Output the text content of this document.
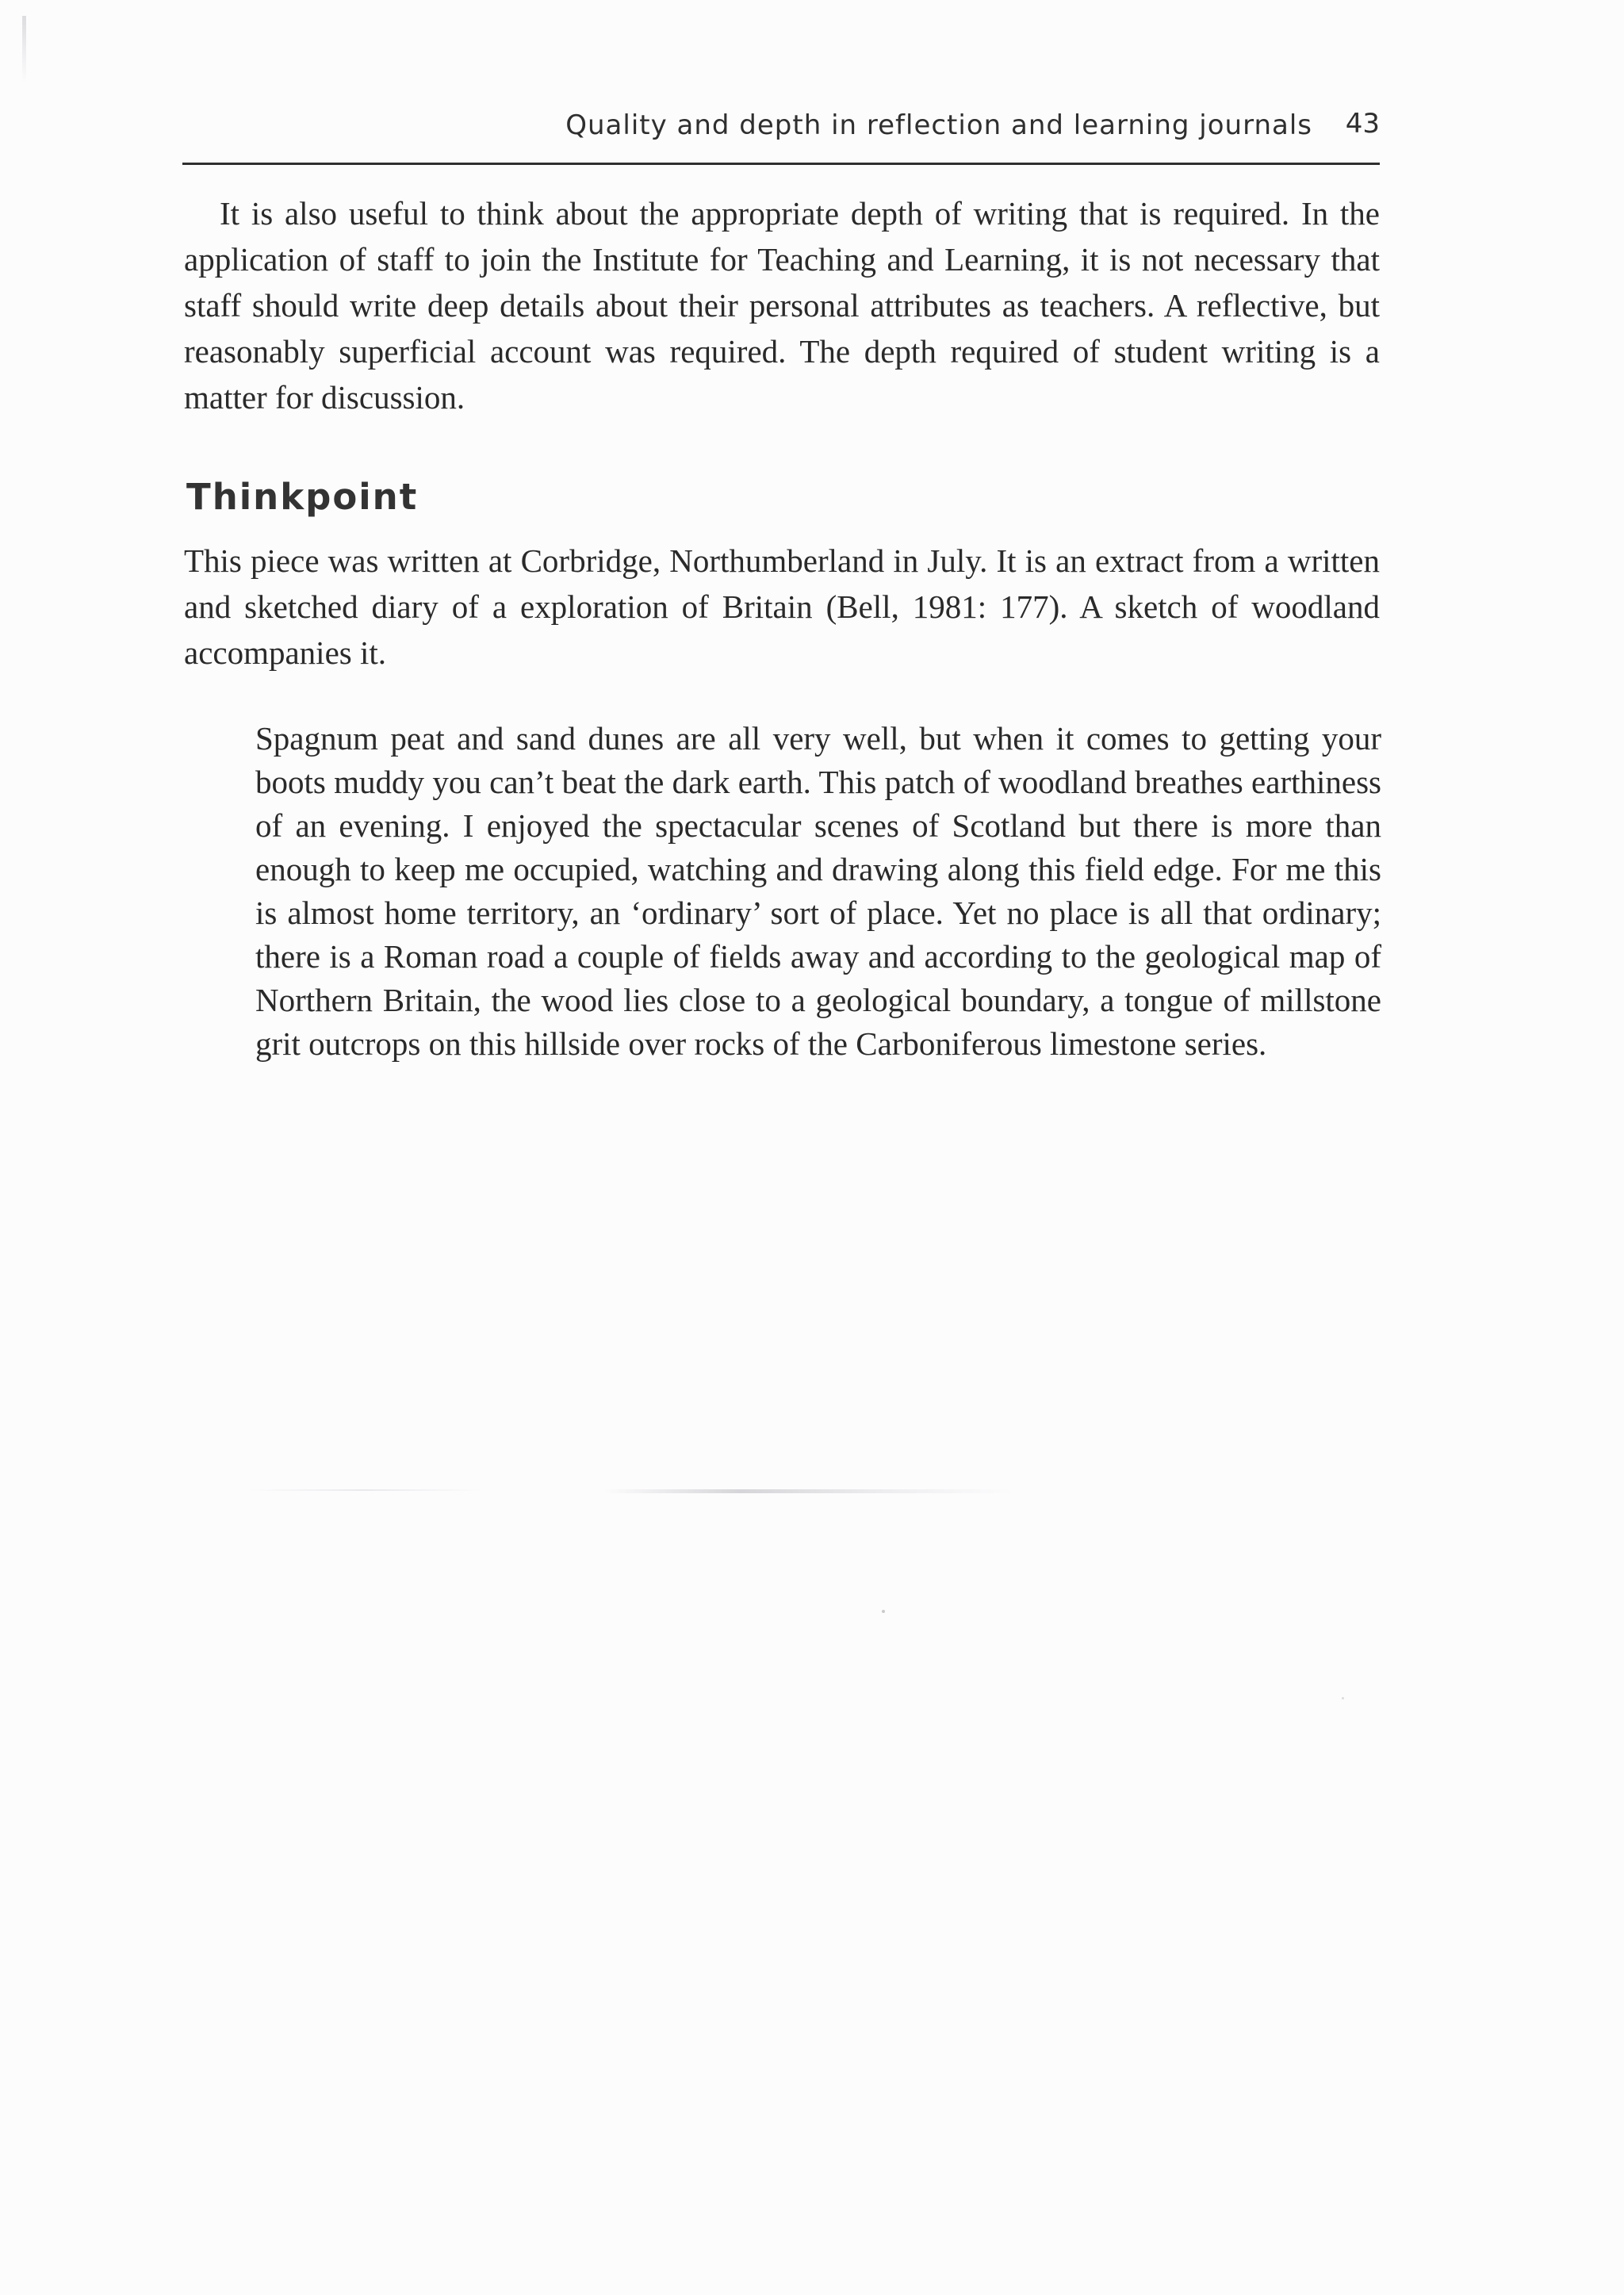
Quality and depth in reflection and learning journals 43

It is also useful to think about the appropriate depth of writing that is required. In the application of staff to join the Institute for Teaching and Learning, it is not necessary that staff should write deep details about their personal attributes as teachers. A reflective, but reasonably superficial account was required. The depth required of student writing is a matter for discussion.

Thinkpoint

This piece was written at Corbridge, Northumberland in July. It is an extract from a written and sketched diary of a exploration of Britain (Bell, 1981: 177). A sketch of woodland accompanies it.

Spagnum peat and sand dunes are all very well, but when it comes to getting your boots muddy you can’t beat the dark earth. This patch of woodland breathes earthiness of an evening. I enjoyed the spectacular scenes of Scotland but there is more than enough to keep me occupied, watching and drawing along this field edge. For me this is almost home territory, an ‘ordinary’ sort of place. Yet no place is all that ordinary; there is a Roman road a couple of fields away and according to the geological map of Northern Britain, the wood lies close to a geological boundary, a tongue of millstone grit outcrops on this hillside over rocks of the Carboniferous limestone series.
